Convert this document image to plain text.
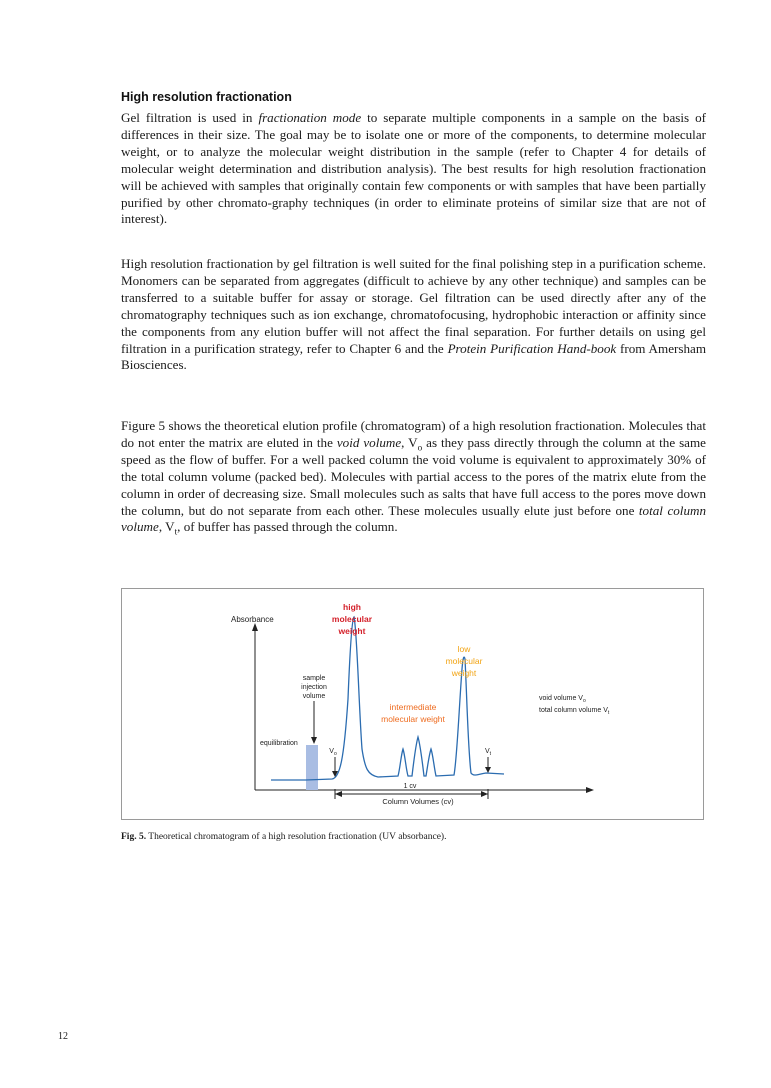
High resolution fractionation

Gel filtration is used in fractionation mode to separate multiple components in a sample on the basis of differences in their size. The goal may be to isolate one or more of the components, to determine molecular weight, or to analyze the molecular weight distribution in the sample (refer to Chapter 4 for details of molecular weight determination and distribution analysis). The best results for high resolution fractionation will be achieved with samples that originally contain few components or with samples that have been partially purified by other chromato-graphy techniques (in order to eliminate proteins of similar size that are not of interest).

High resolution fractionation by gel filtration is well suited for the final polishing step in a purification scheme. Monomers can be separated from aggregates (difficult to achieve by any other technique) and samples can be transferred to a suitable buffer for assay or storage. Gel filtration can be used directly after any of the chromatography techniques such as ion exchange, chromatofocusing, hydrophobic interaction or affinity since the components from any elution buffer will not affect the final separation. For further details on using gel filtration in a purification strategy, refer to Chapter 6 and the Protein Purification Hand-book from Amersham Biosciences.

Figure 5 shows the theoretical elution profile (chromatogram) of a high resolution fractionation. Molecules that do not enter the matrix are eluted in the void volume, $V_o$ as they pass directly through the column at the same speed as the flow of buffer. For a well packed column the void volume is equivalent to approximately 30% of the total column volume (packed bed). Molecules with partial access to the pores of the matrix elute from the column in order of decreasing size. Small molecules such as salts that have full access to the pores move down the column, but do not separate from each other. These molecules usually elute just before one total column volume, $V_t$, of buffer has passed through the column.

Absorbance
Column Volumes (cv)
high
molecular
weight
low
molecular
weight
intermediate
molecular weight
sample
injection
volume
equilibration
$V_o$	$V_t$
1 cv
void volume $V_o$
total column volume $V_t$

Fig. 5. Theoretical chromatogram of a high resolution fractionation (UV absorbance).

12
